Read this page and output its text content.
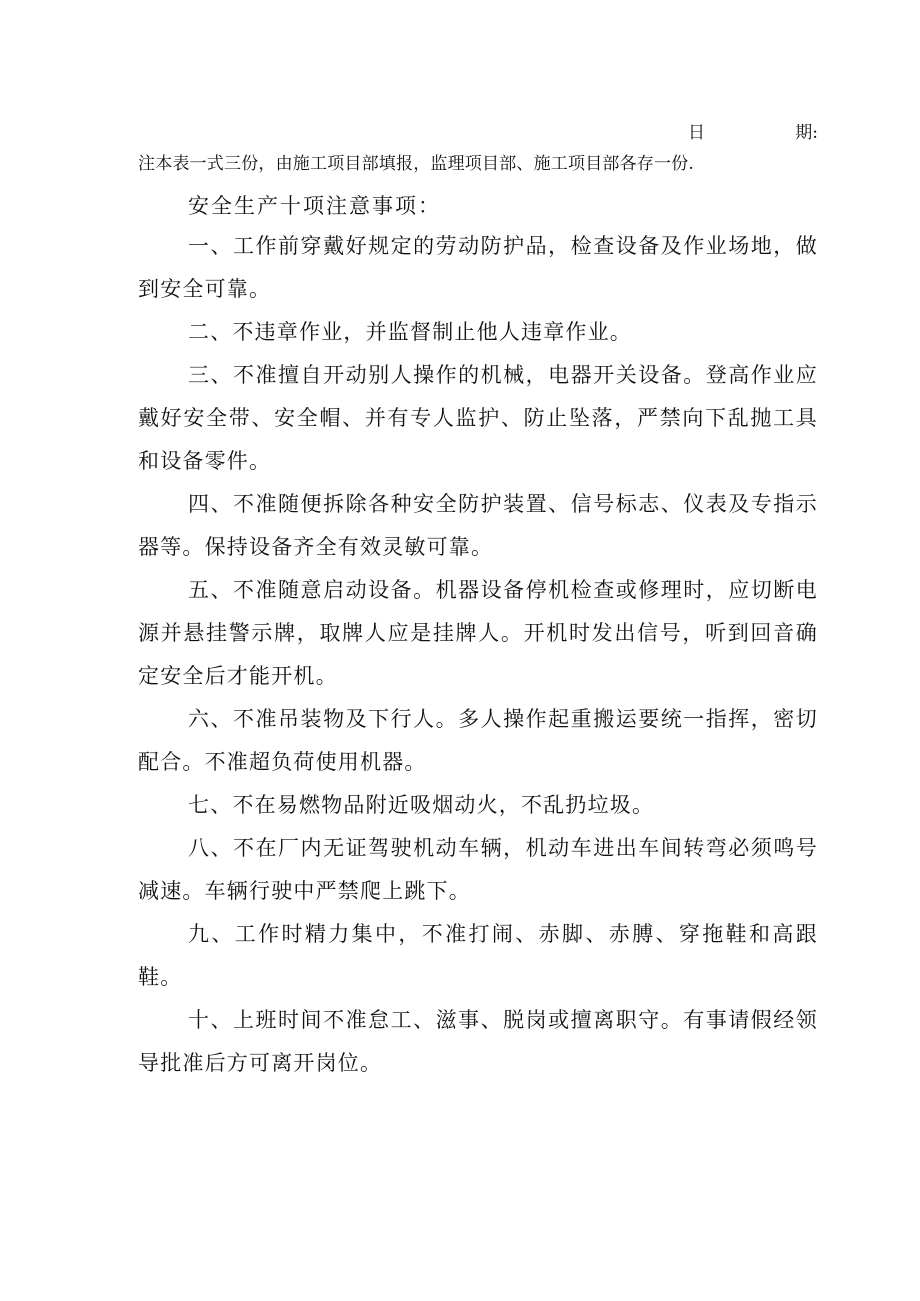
日	期:
注本表一式三份，由施工项目部填报，监理项目部、施工项目部各存一份.
安全生产十项注意事项：

一、工作前穿戴好规定的劳动防护品，检查设备及作业场地，做到安全可靠。

二、不违章作业，并监督制止他人违章作业。

三、不准擅自开动别人操作的机械，电器开关设备。登高作业应戴好安全带、安全帽、并有专人监护、防止坠落，严禁向下乱抛工具和设备零件。

四、不准随便拆除各种安全防护装置、信号标志、仪表及专指示器等。保持设备齐全有效灵敏可靠。

五、不准随意启动设备。机器设备停机检查或修理时，应切断电源并悬挂警示牌，取牌人应是挂牌人。开机时发出信号，听到回音确定安全后才能开机。

六、不准吊装物及下行人。多人操作起重搬运要统一指挥，密切配合。不准超负荷使用机器。

七、不在易燃物品附近吸烟动火，不乱扔垃圾。

八、不在厂内无证驾驶机动车辆，机动车进出车间转弯必须鸣号减速。车辆行驶中严禁爬上跳下。

九、工作时精力集中，不准打闹、赤脚、赤膊、穿拖鞋和高跟鞋。

十、上班时间不准怠工、滋事、脱岗或擅离职守。有事请假经领导批准后方可离开岗位。
